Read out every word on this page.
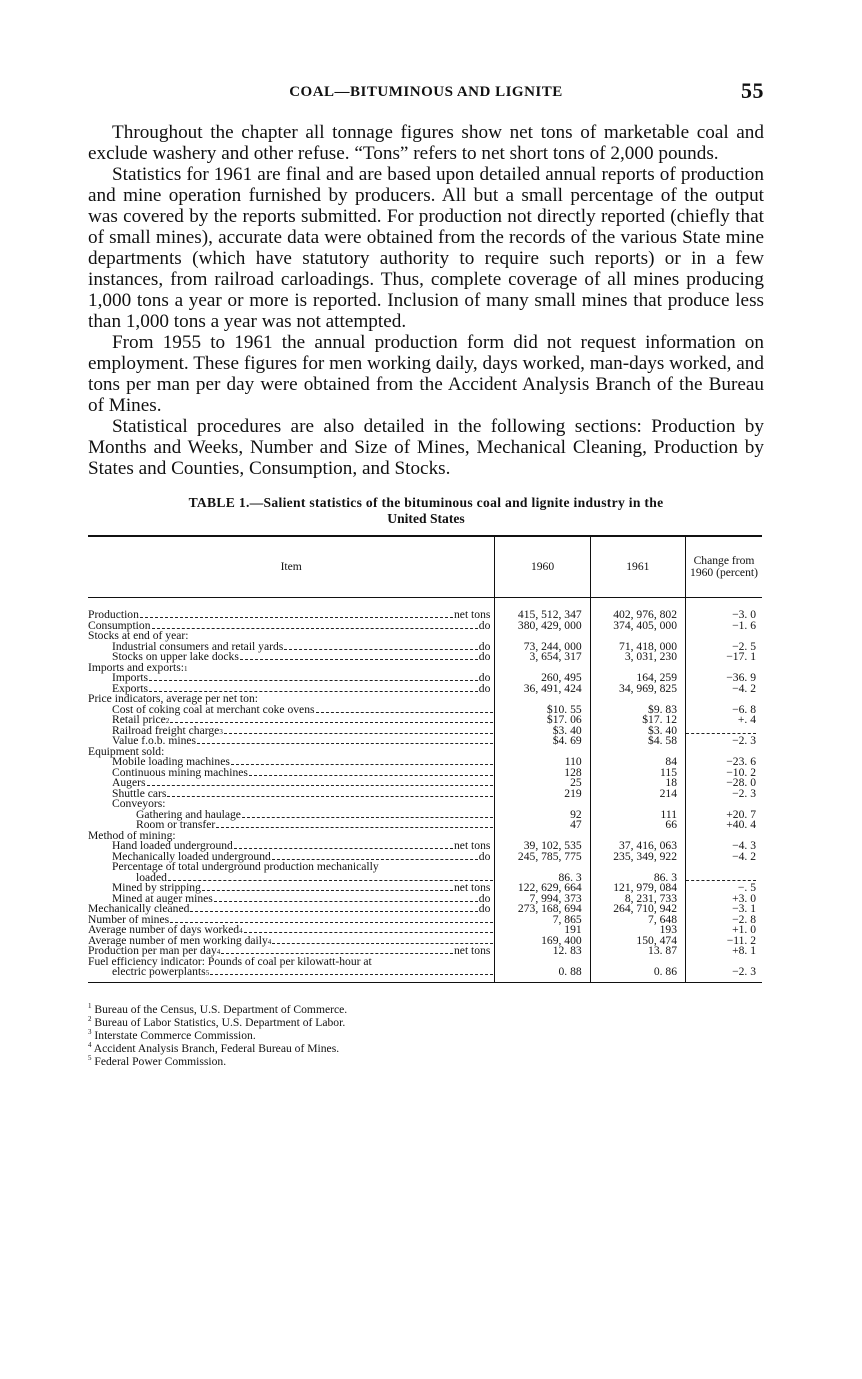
COAL—BITUMINOUS AND LIGNITE	55

Throughout the chapter all tonnage figures show net tons of marketable coal and exclude washery and other refuse. “Tons” refers to net short tons of 2,000 pounds.

Statistics for 1961 are final and are based upon detailed annual reports of production and mine operation furnished by producers. All but a small percentage of the output was covered by the reports submitted. For production not directly reported (chiefly that of small mines), accurate data were obtained from the records of the various State mine departments (which have statutory authority to require such reports) or in a few instances, from railroad carloadings. Thus, complete coverage of all mines producing 1,000 tons a year or more is reported. Inclusion of many small mines that produce less than 1,000 tons a year was not attempted.

From 1955 to 1961 the annual production form did not request information on employment. These figures for men working daily, days worked, man-days worked, and tons per man per day were obtained from the Accident Analysis Branch of the Bureau of Mines.

Statistical procedures are also detailed in the following sections: Production by Months and Weeks, Number and Size of Mines, Mechanical Cleaning, Production by States and Counties, Consumption, and Stocks.

TABLE 1.—Salient statistics of the bituminous coal and lignite industry in the
United States
Item	1960	1961	Change from 1960 (percent)

Production net tons	415, 512, 347	402, 976, 802	−3. 0

Consumption do	380, 429, 000	374, 405, 000	−1. 6

Stocks at end of year:			

Industrial consumers and retail yards do	73, 244, 000	71, 418, 000	−2. 5

Stocks on upper lake docks do	3, 654, 317	3, 031, 230	−17. 1

Imports and exports: 1			

Imports do	260, 495	164, 259	−36. 9

Exports do	36, 491, 424	34, 969, 825	−4. 2

Price indicators, average per net ton:			

Cost of coking coal at merchant coke ovens	$10. 55	$9. 83	−6. 8

Retail price 2	$17. 06	$17. 12	+. 4

Railroad freight charge 3	$3. 40	$3. 40	

Value f.o.b. mines	$4. 69	$4. 58	−2. 3

Equipment sold:			

Mobile loading machines	110	84	−23. 6

Continuous mining machines	128	115	−10. 2

Augers	25	18	−28. 0

Shuttle cars	219	214	−2. 3

Conveyors:			

Gathering and haulage	92	111	+20. 7

Room or transfer	47	66	+40. 4

Method of mining:			

Hand loaded underground net tons	39, 102, 535	37, 416, 063	−4. 3

Mechanically loaded underground do	245, 785, 775	235, 349, 922	−4. 2

Percentage of total underground production mechanically			

loaded	86. 3	86. 3	

Mined by stripping net tons	122, 629, 664	121, 979, 084	−. 5

Mined at auger mines do	7, 994, 373	8, 231, 733	+3. 0

Mechanically cleaned do	273, 168, 694	264, 710, 942	−3. 1

Number of mines	7, 865	7, 648	−2. 8

Average number of days worked 4	191	193	+1. 0

Average number of men working daily 4	169, 400	150, 474	−11. 2

Production per man per day 4 net tons	12. 83	13. 87	+8. 1

Fuel efficiency indicator: Pounds of coal per kilowatt-hour at			

electric powerplants 5	0. 88	0. 86	−2. 3
$^1$ Bureau of the Census, U.S. Department of Commerce.
$^2$ Bureau of Labor Statistics, U.S. Department of Labor.
$^3$ Interstate Commerce Commission.
$^4$ Accident Analysis Branch, Federal Bureau of Mines.
$^5$ Federal Power Commission.
